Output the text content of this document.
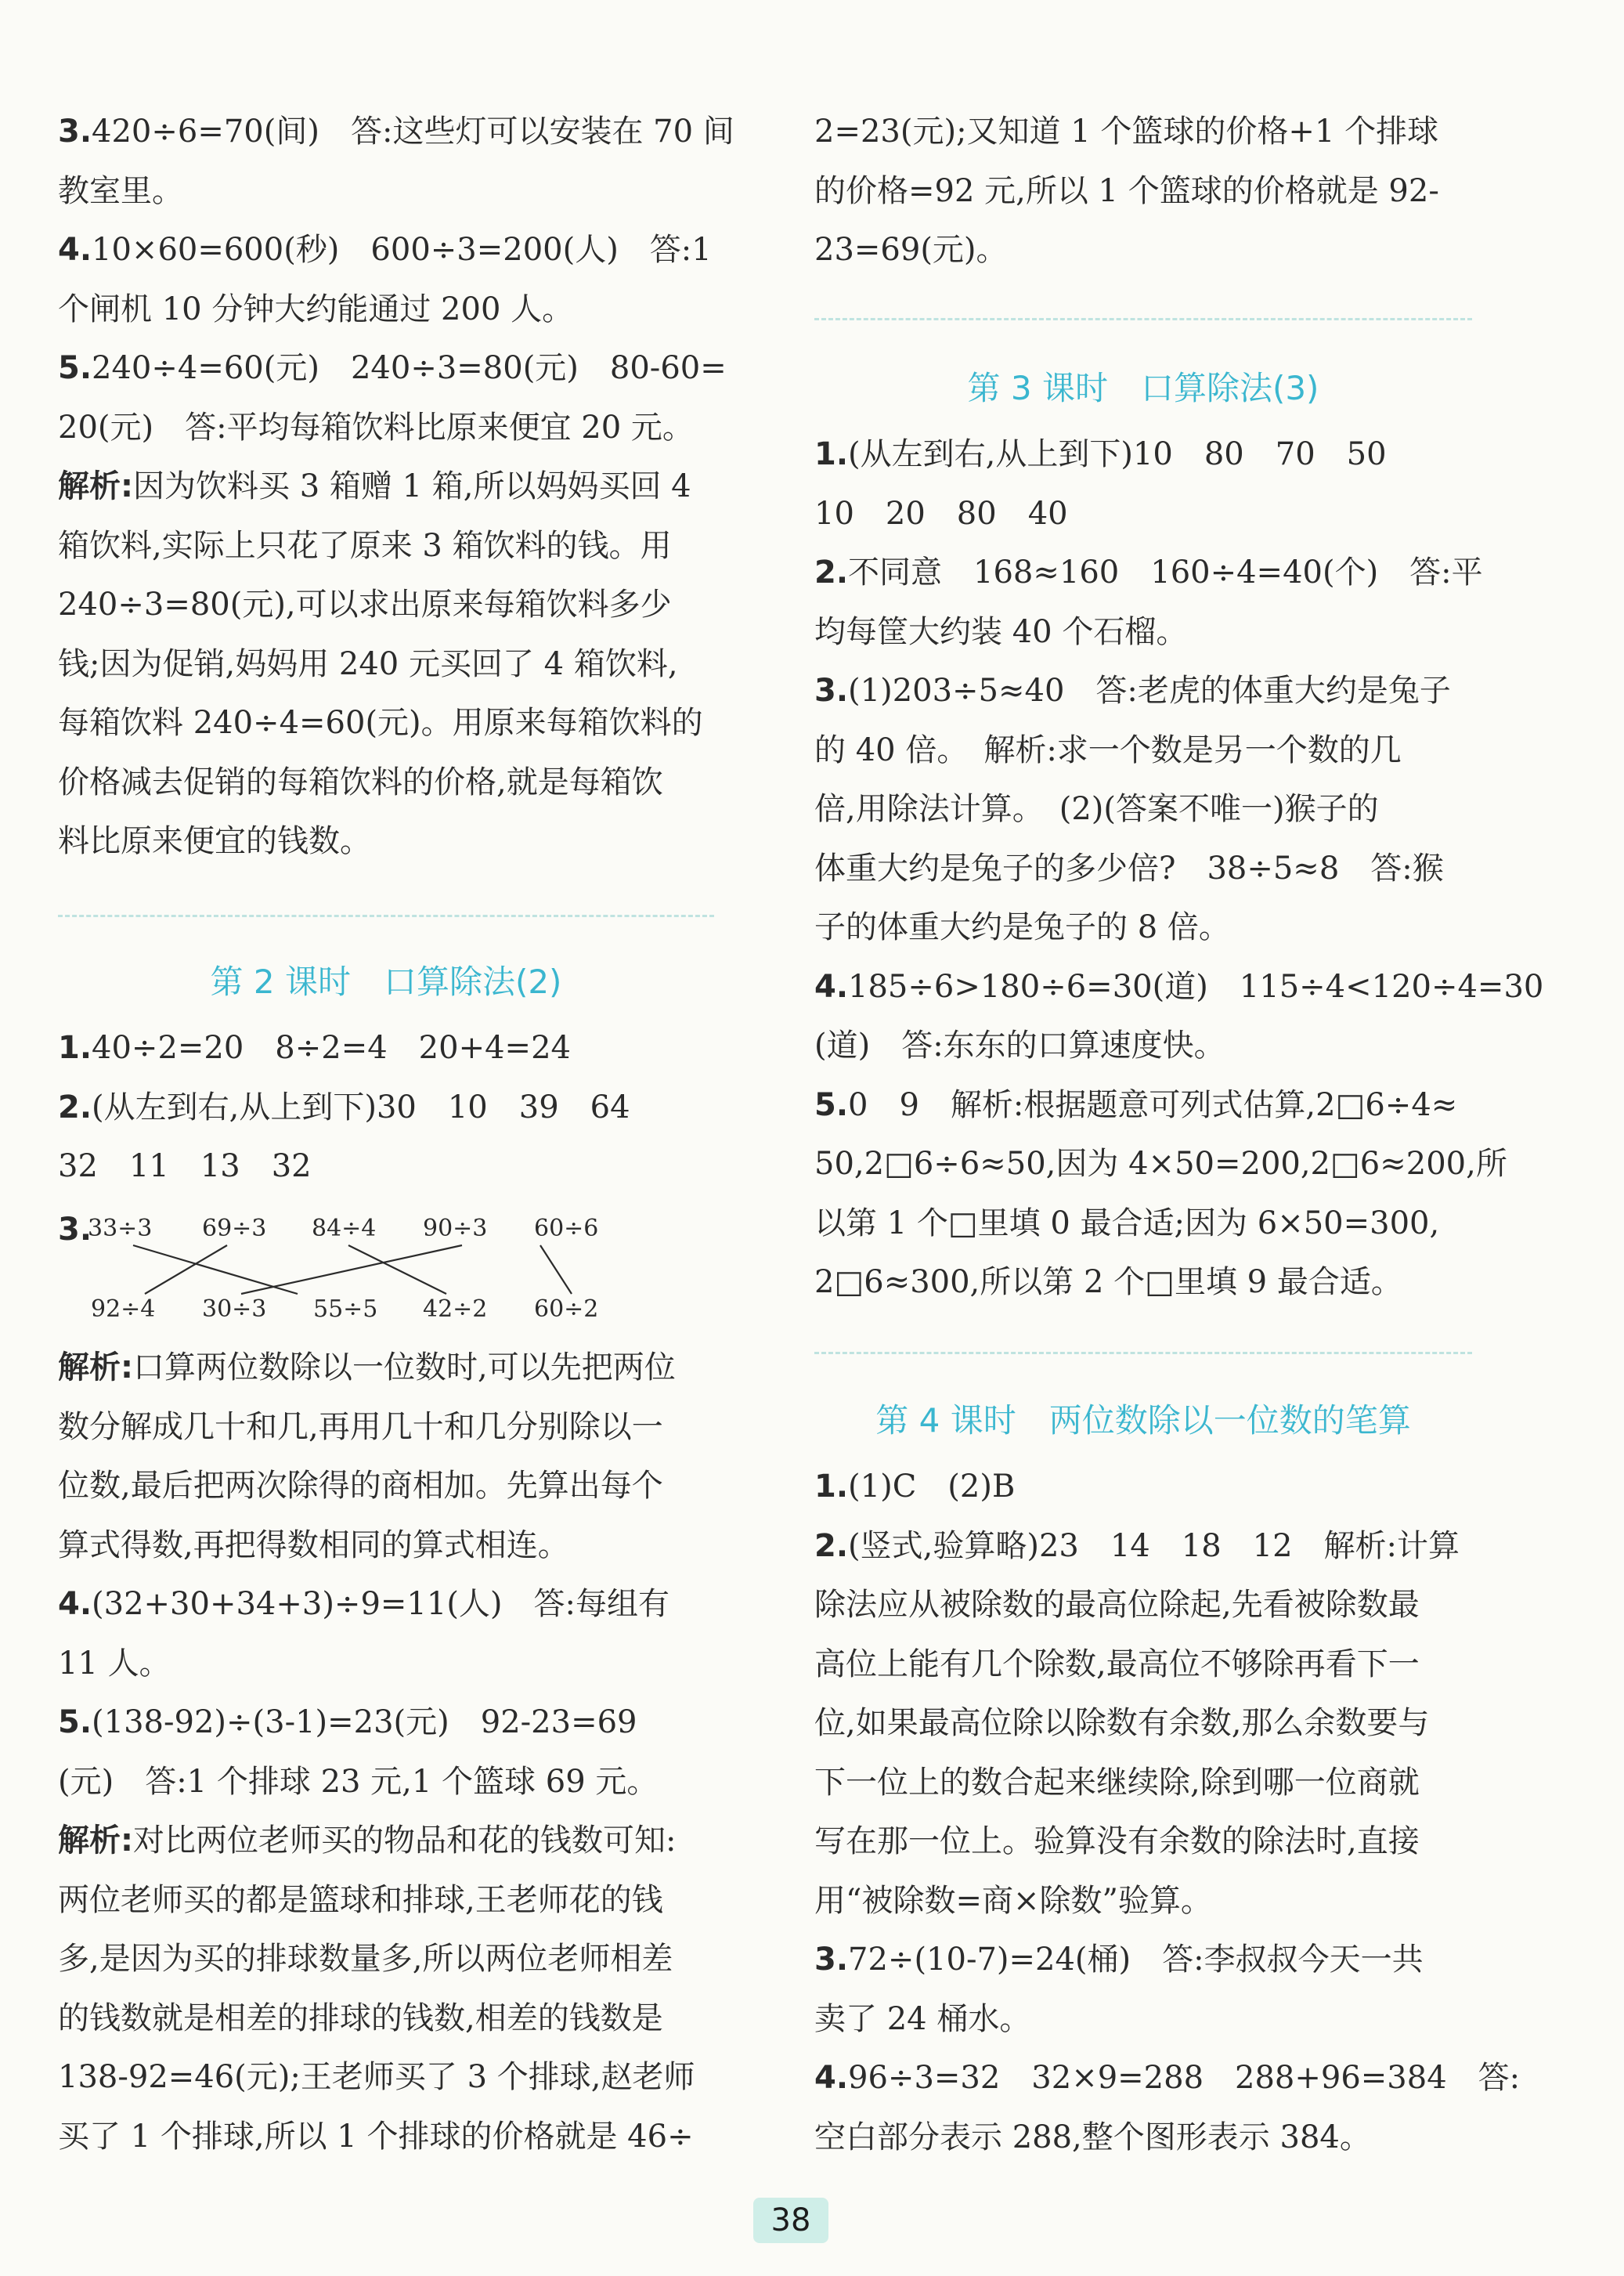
3.420÷6=70(间)　答:这些灯可以安装在 70 间

教室里。

4.10×60=600(秒)　600÷3=200(人)　答:1

个闸机 10 分钟大约能通过 200 人。

5.240÷4=60(元)　240÷3=80(元)　80-60=

20(元)　答:平均每箱饮料比原来便宜 20 元。

解析:因为饮料买 3 箱赠 1 箱,所以妈妈买回 4

箱饮料,实际上只花了原来 3 箱饮料的钱。用

240÷3=80(元),可以求出原来每箱饮料多少

钱;因为促销,妈妈用 240 元买回了 4 箱饮料,

每箱饮料 240÷4=60(元)。用原来每箱饮料的

价格减去促销的每箱饮料的价格,就是每箱饮

料比原来便宜的钱数。

第 2 课时　口算除法(2)

1.40÷2=20　8÷2=4　20+4=24

2.(从左到右,从上到下)30　10　39　64

32　11　13　32

3.

33÷3 69÷3 84÷4 90÷3 60÷6

92÷4 30÷3 55÷5 42÷2 60÷2

解析:口算两位数除以一位数时,可以先把两位

数分解成几十和几,再用几十和几分别除以一

位数,最后把两次除得的商相加。先算出每个

算式得数,再把得数相同的算式相连。

4.(32+30+34+3)÷9=11(人)　答:每组有

11 人。

5.(138-92)÷(3-1)=23(元)　92-23=69

(元)　答:1 个排球 23 元,1 个篮球 69 元。

解析:对比两位老师买的物品和花的钱数可知:

两位老师买的都是篮球和排球,王老师花的钱

多,是因为买的排球数量多,所以两位老师相差

的钱数就是相差的排球的钱数,相差的钱数是

138-92=46(元);王老师买了 3 个排球,赵老师

买了 1 个排球,所以 1 个排球的价格就是 46÷

2=23(元);又知道 1 个篮球的价格+1 个排球

的价格=92 元,所以 1 个篮球的价格就是 92-

23=69(元)。

第 3 课时　口算除法(3)

1.(从左到右,从上到下)10　80　70　50

10　20　80　40

2.不同意　168≈160　160÷4=40(个)　答:平

均每筐大约装 40 个石榴。

3.(1)203÷5≈40　答:老虎的体重大约是兔子

的 40 倍。　解析:求一个数是另一个数的几

倍,用除法计算。　(2)(答案不唯一)猴子的

体重大约是兔子的多少倍?　38÷5≈8　答:猴

子的体重大约是兔子的 8 倍。

4.185÷6>180÷6=30(道)　115÷4<120÷4=30

(道)　答:东东的口算速度快。

5.0　9　解析:根据题意可列式估算,2□6÷4≈

50,2□6÷6≈50,因为 4×50=200,2□6≈200,所

以第 1 个□里填 0 最合适;因为 6×50=300,

2□6≈300,所以第 2 个□里填 9 最合适。

第 4 课时　两位数除以一位数的笔算

1.(1)C　(2)B

2.(竖式,验算略)23　14　18　12　解析:计算

除法应从被除数的最高位除起,先看被除数最

高位上能有几个除数,最高位不够除再看下一

位,如果最高位除以除数有余数,那么余数要与

下一位上的数合起来继续除,除到哪一位商就

写在那一位上。验算没有余数的除法时,直接

用“被除数=商×除数”验算。

3.72÷(10-7)=24(桶)　答:李叔叔今天一共

卖了 24 桶水。

4.96÷3=32　32×9=288　288+96=384　答:

空白部分表示 288,整个图形表示 384。

38
